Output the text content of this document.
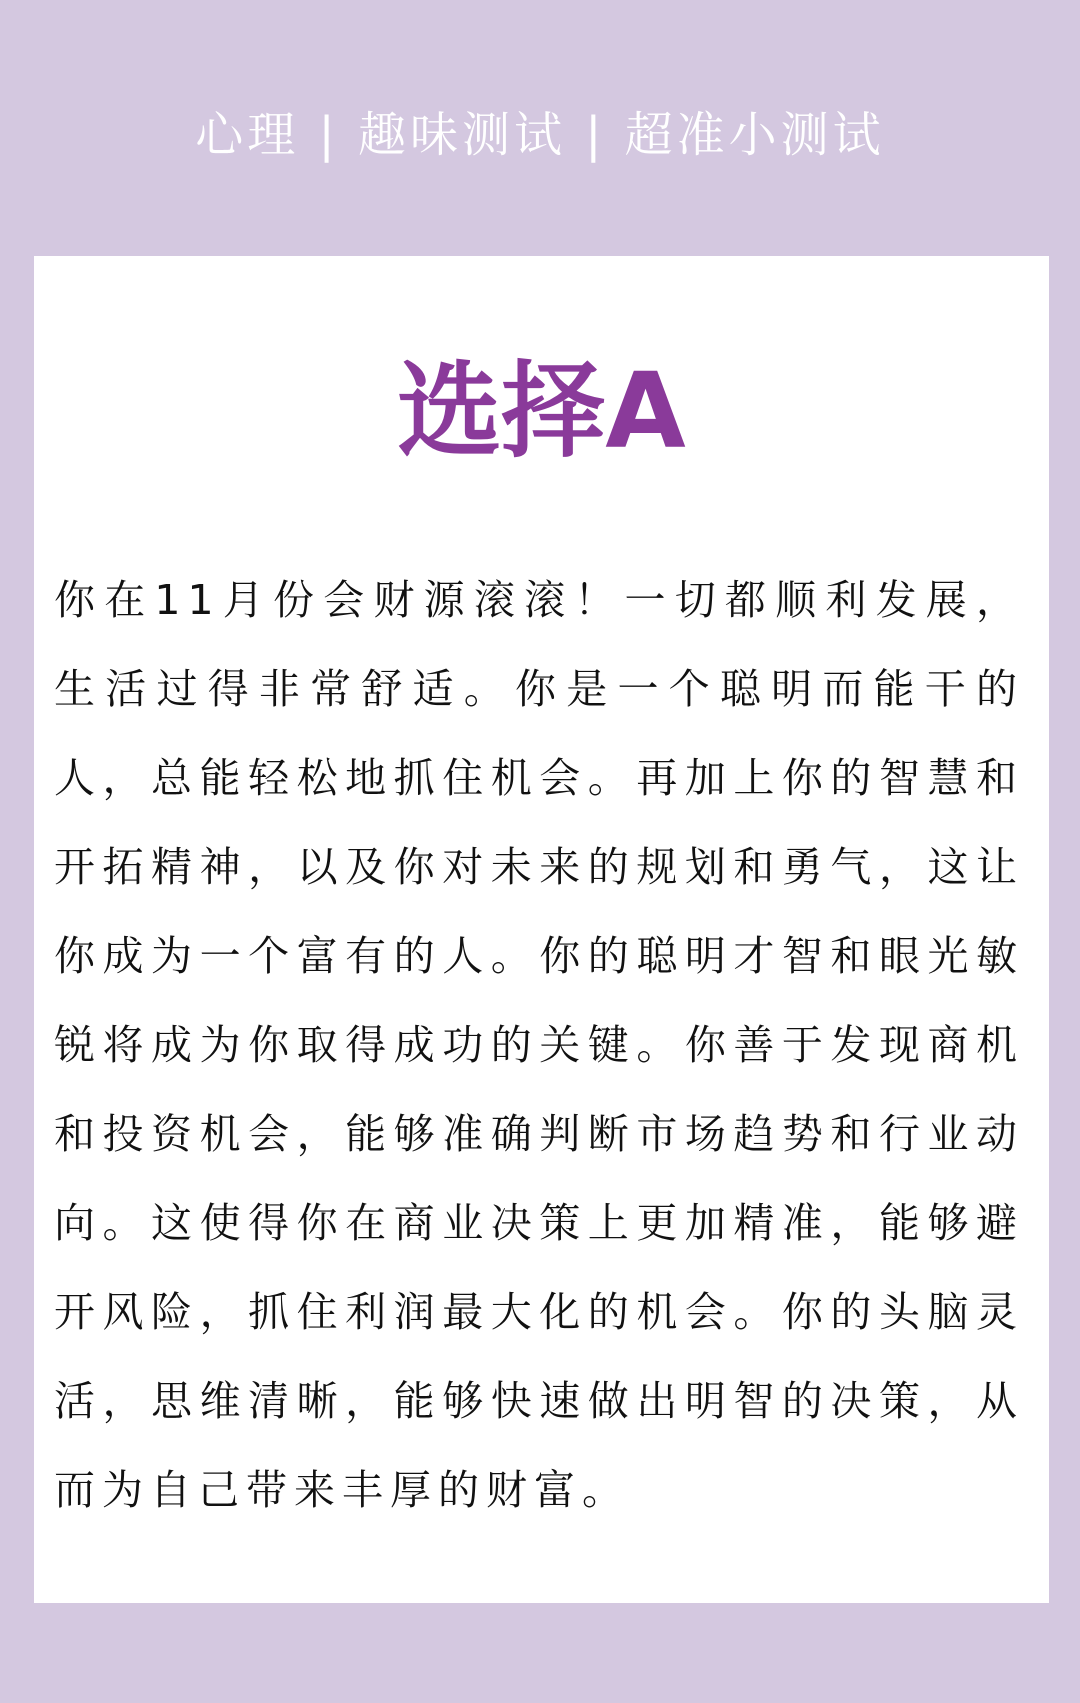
心理 | 趣味测试 | 超准小测试
选择A

你在11月份会财源滚滚！一切都顺利发展，生活过得非常舒适。你是一个聪明而能干的人，总能轻松地抓住机会。再加上你的智慧和开拓精神，以及你对未来的规划和勇气，这让你成为一个富有的人。你的聪明才智和眼光敏锐将成为你取得成功的关键。你善于发现商机和投资机会，能够准确判断市场趋势和行业动向。这使得你在商业决策上更加精准，能够避开风险，抓住利润最大化的机会。你的头脑灵活，思维清晰，能够快速做出明智的决策，从而为自己带来丰厚的财富。
